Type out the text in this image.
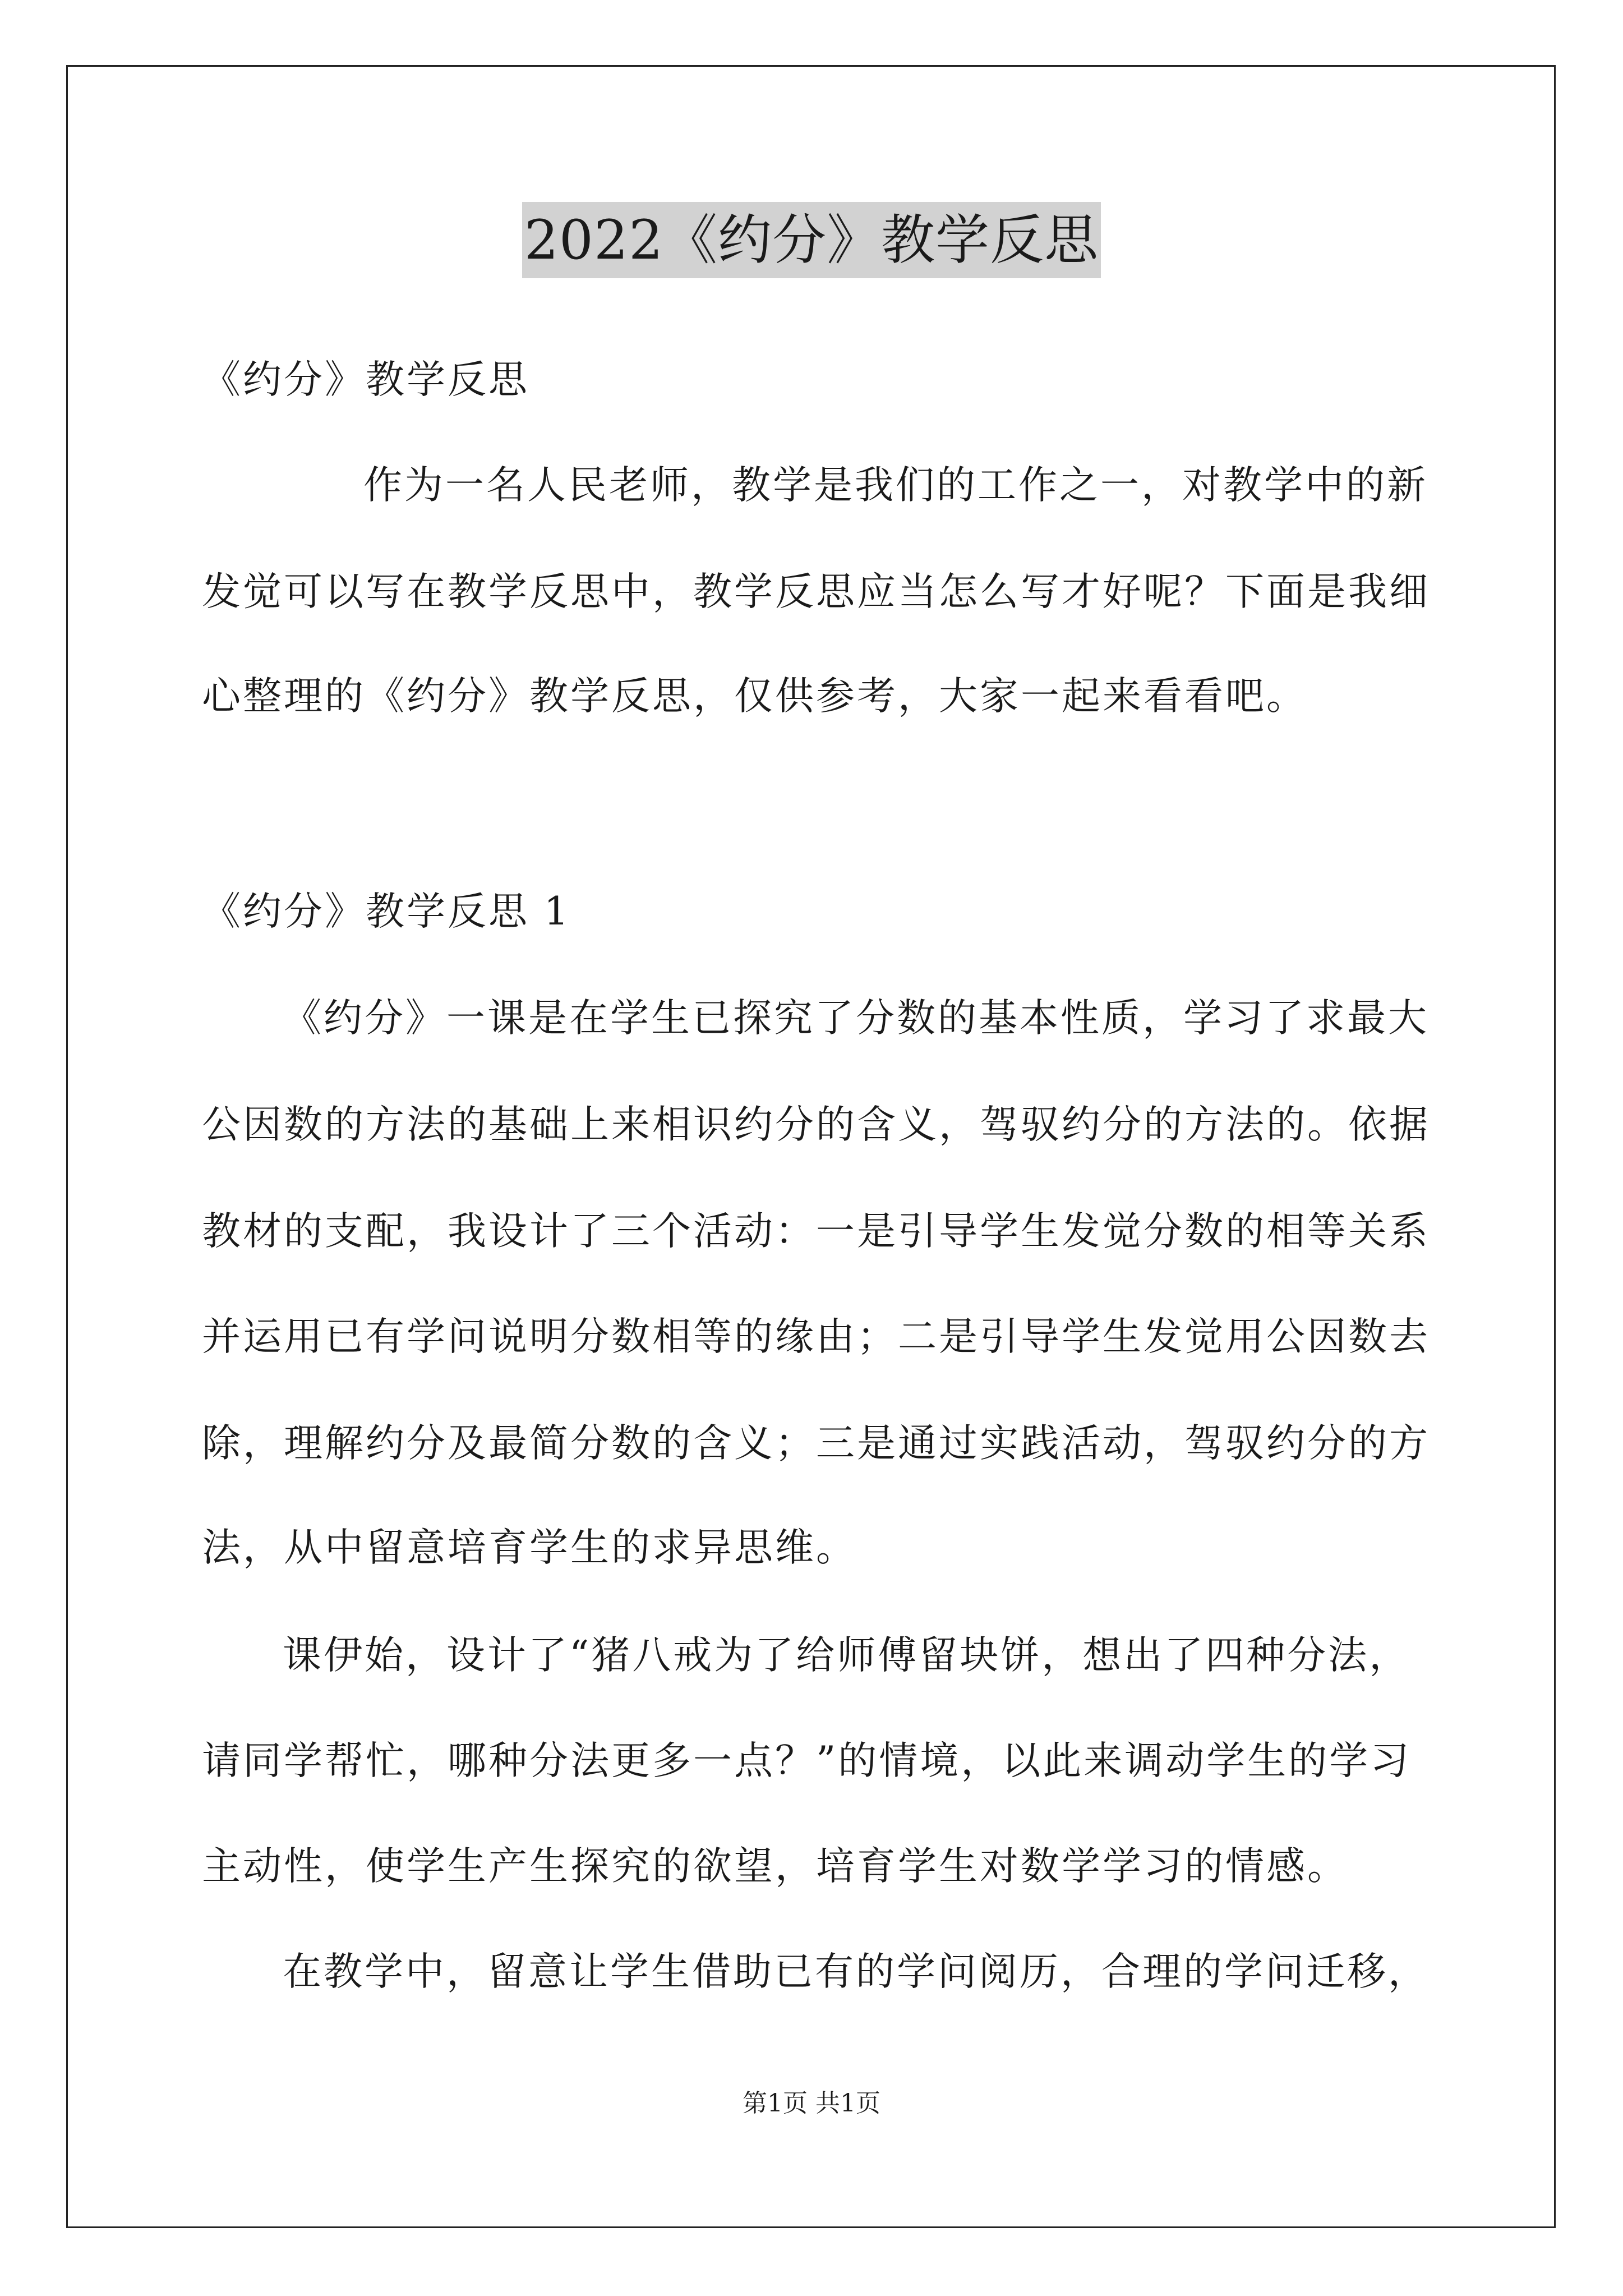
2022《约分》教学反思
《约分》教学反思
作为一名人民老师，教学是我们的工作之一，对教学中的新
发觉可以写在教学反思中，教学反思应当怎么写才好呢？下面是我细
心整理的《约分》教学反思，仅供参考，大家一起来看看吧。
《约分》教学反思 1
《约分》一课是在学生已探究了分数的基本性质，学习了求最大
公因数的方法的基础上来相识约分的含义，驾驭约分的方法的。依据
教材的支配，我设计了三个活动：一是引导学生发觉分数的相等关系
并运用已有学问说明分数相等的缘由；二是引导学生发觉用公因数去
除，理解约分及最简分数的含义；三是通过实践活动，驾驭约分的方
法，从中留意培育学生的求异思维。
课伊始，设计了“猪八戒为了给师傅留块饼，想出了四种分法，
请同学帮忙，哪种分法更多一点？”的情境，以此来调动学生的学习
主动性，使学生产生探究的欲望，培育学生对数学学习的情感。
在教学中，留意让学生借助已有的学问阅历，合理的学问迁移，
第1页 共1页
